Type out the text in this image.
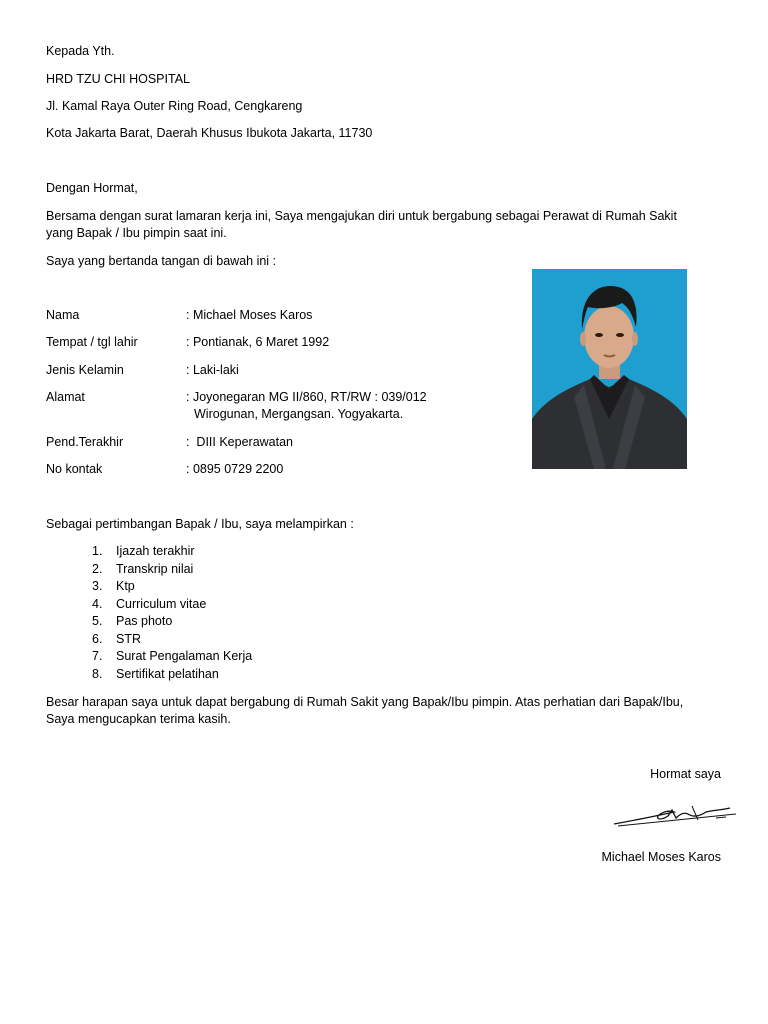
Kepada Yth.
HRD TZU CHI HOSPITAL
Jl. Kamal Raya Outer Ring Road, Cengkareng
Kota Jakarta Barat, Daerah Khusus Ibukota Jakarta, 11730
Dengan Hormat,
Bersama dengan surat lamaran kerja ini, Saya mengajukan diri untuk bergabung sebagai Perawat di Rumah Sakit yang Bapak / Ibu pimpin saat ini.
Saya yang bertanda tangan di bawah ini :
Nama	: Michael Moses Karos
Tempat / tgl lahir	: Pontianak, 6 Maret 1992
Jenis Kelamin	: Laki-laki
Alamat	: Joyonegaran MG II/860, RT/RW : 039/012
Wirogunan, Mergangsan. Yogyakarta.
Pend.Terakhir	:  DIII Keperawatan
No kontak	: 0895 0729 2200
Sebagai pertimbangan Bapak / Ibu, saya melampirkan :
1. Ijazah terakhir
2. Transkrip nilai
3. Ktp
4. Curriculum vitae
5. Pas photo
6. STR
7. Surat Pengalaman Kerja
8. Sertifikat pelatihan
Besar harapan saya untuk dapat bergabung di Rumah Sakit yang Bapak/Ibu pimpin. Atas perhatian dari Bapak/Ibu, Saya mengucapkan terima kasih.
Hormat saya
Michael Moses Karos
